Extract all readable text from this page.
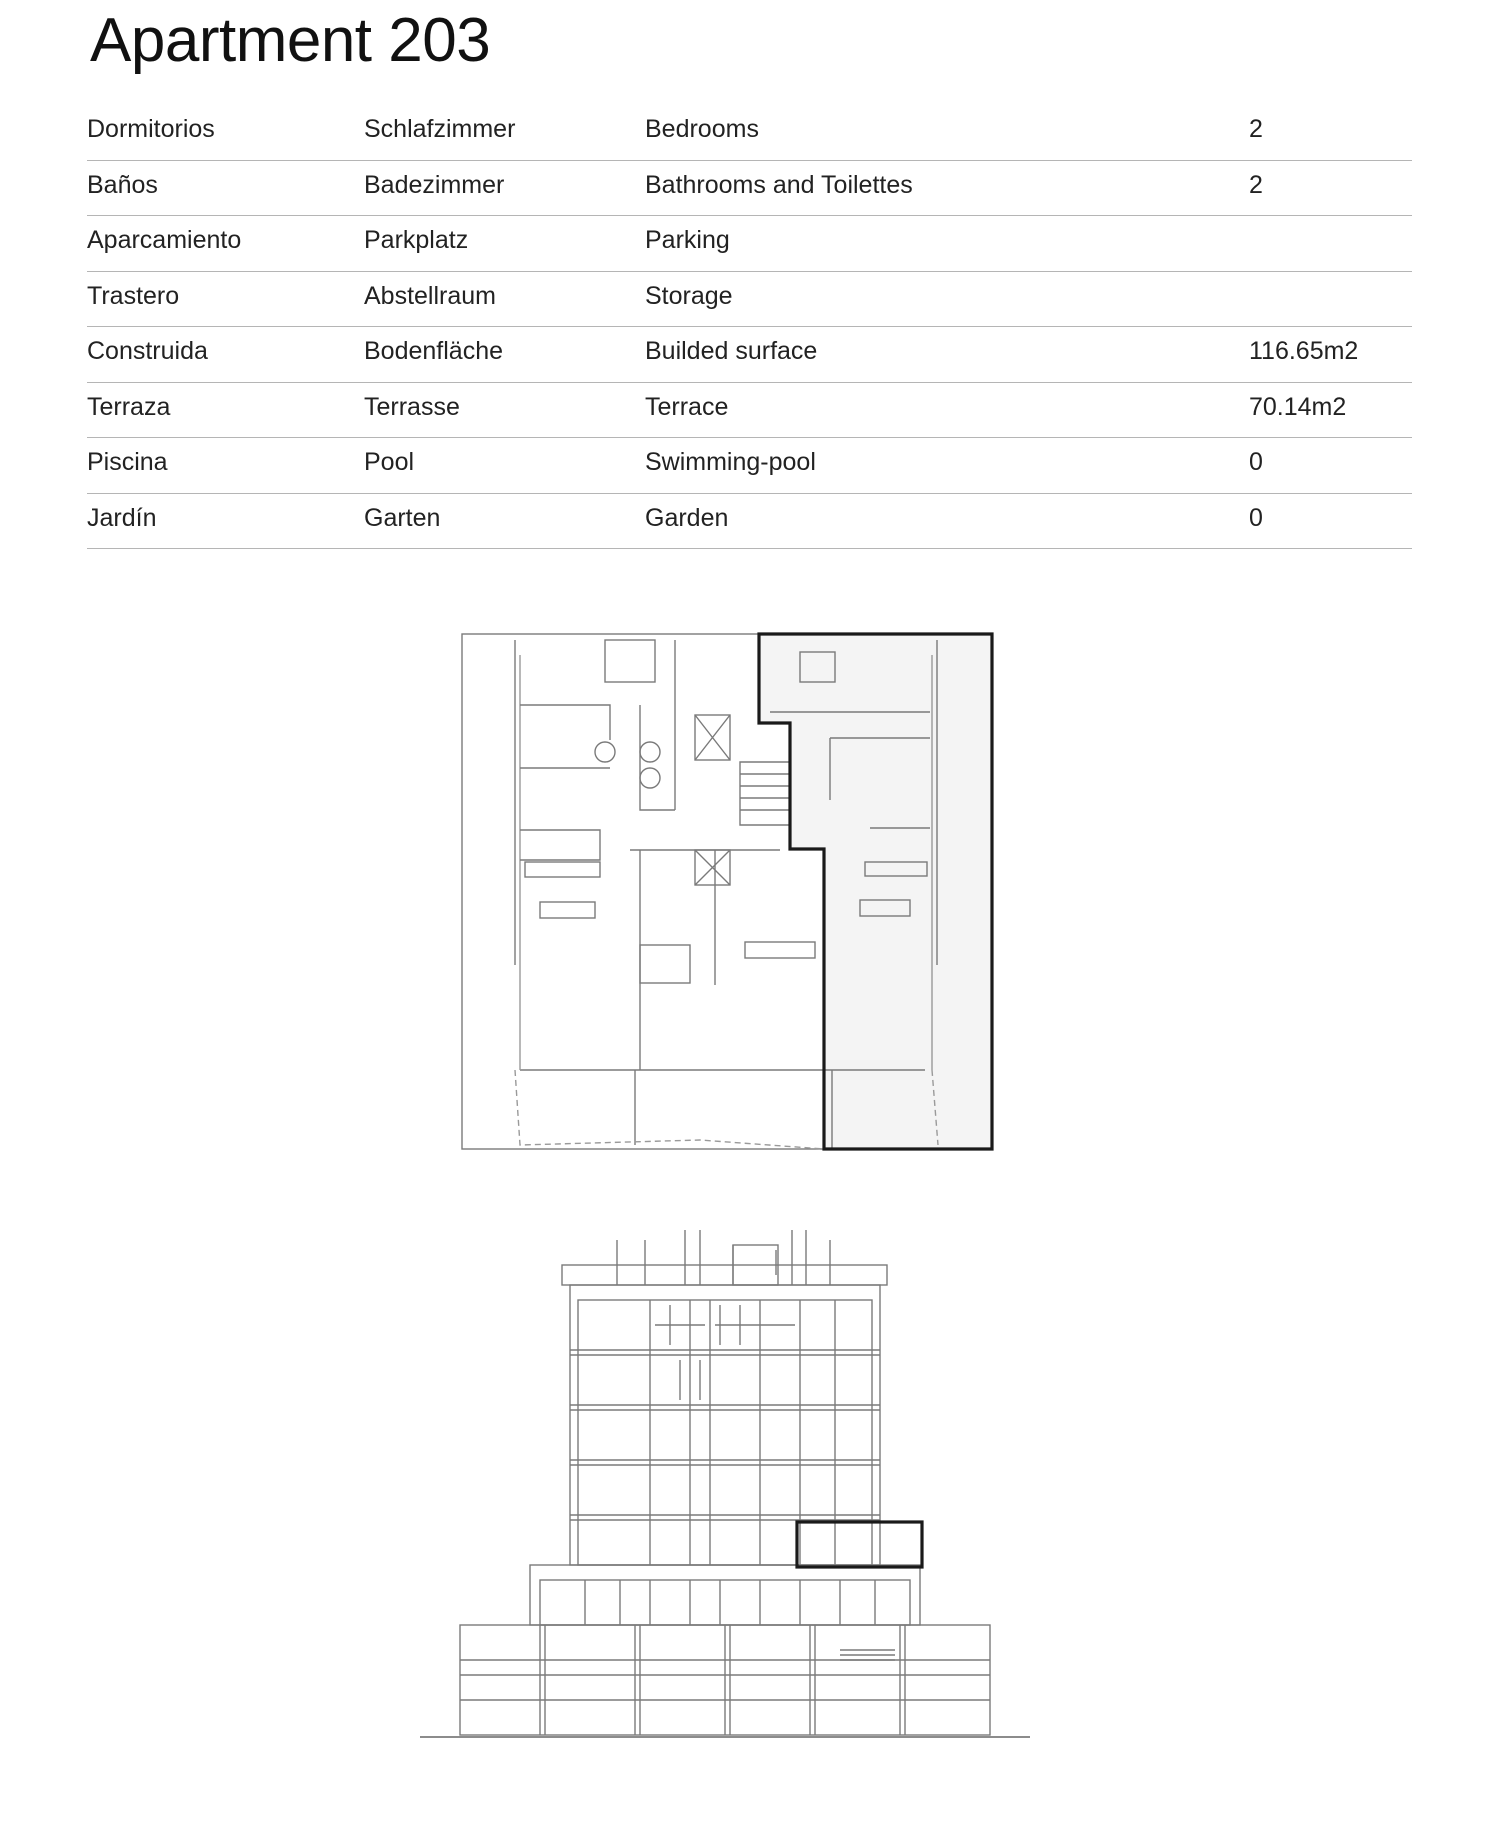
Apartment 203
Dormitorios	Schlafzimmer	Bedrooms	2
Baños	Badezimmer	Bathrooms and Toilettes	2
Aparcamiento	Parkplatz	Parking
Trastero	Abstellraum	Storage
Construida	Bodenfläche	Builded surface	116.65m2
Terraza	Terrasse	Terrace	70.14m2
Piscina	Pool	Swimming-pool	0
Jardín	Garten	Garden	0
